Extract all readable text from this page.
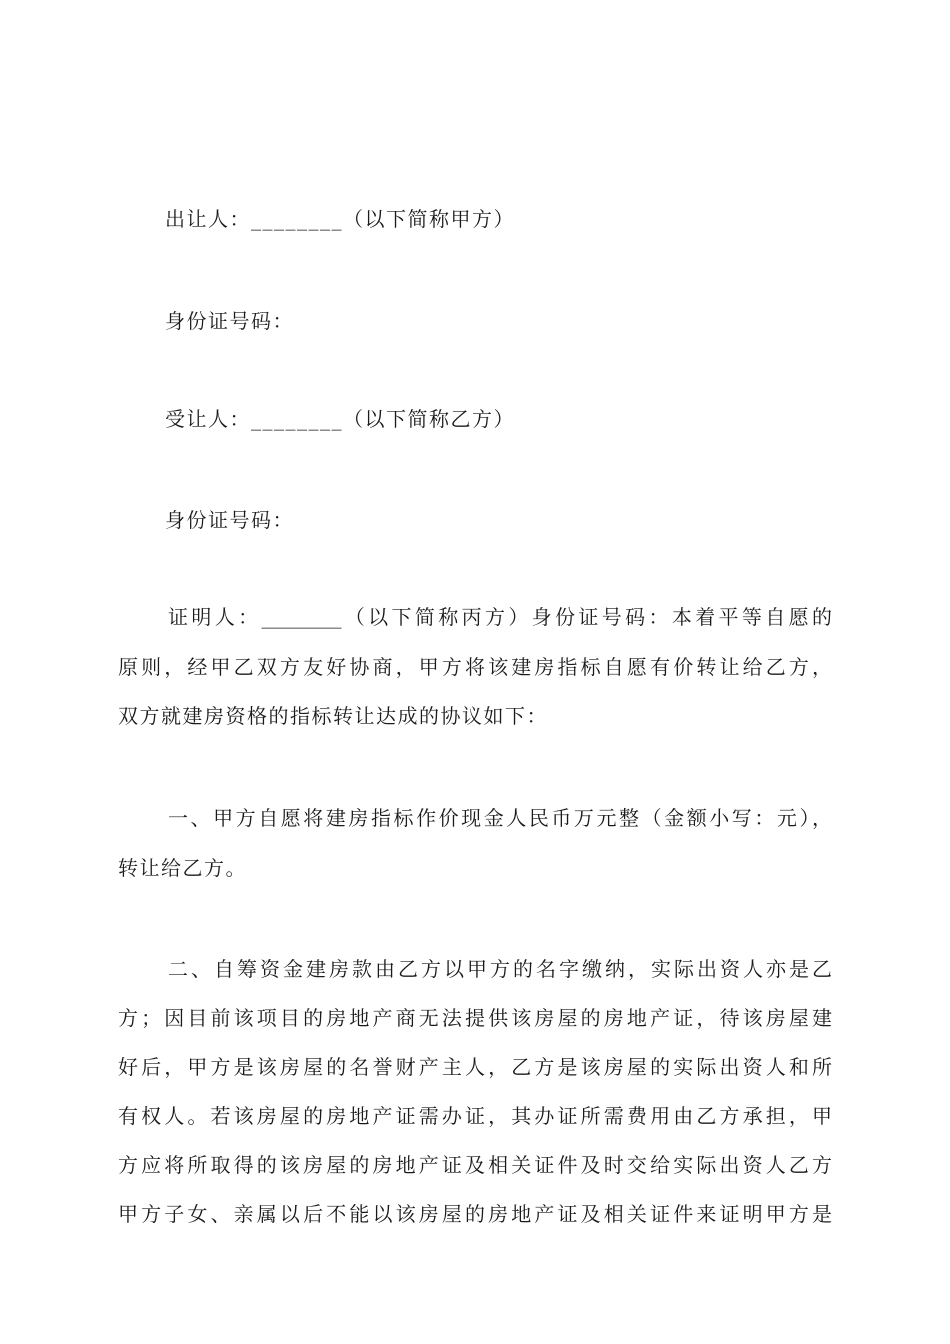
出让人：________（以下简称甲方）
身份证号码：
受让人：________（以下简称乙方）
身份证号码：
证明人：________（以下简称丙方）身份证号码：本着平等自愿的
原则，经甲乙双方友好协商，甲方将该建房指标自愿有价转让给乙方，
双方就建房资格的指标转让达成的协议如下：
一、甲方自愿将建房指标作价现金人民币万元整（金额小写：元），
转让给乙方。
二、自筹资金建房款由乙方以甲方的名字缴纳，实际出资人亦是乙
方；因目前该项目的房地产商无法提供该房屋的房地产证，待该房屋建
好后，甲方是该房屋的名誉财产主人，乙方是该房屋的实际出资人和所
有权人。若该房屋的房地产证需办证，其办证所需费用由乙方承担，甲
方应将所取得的该房屋的房地产证及相关证件及时交给实际出资人乙方
甲方子女、亲属以后不能以该房屋的房地产证及相关证件来证明甲方是
